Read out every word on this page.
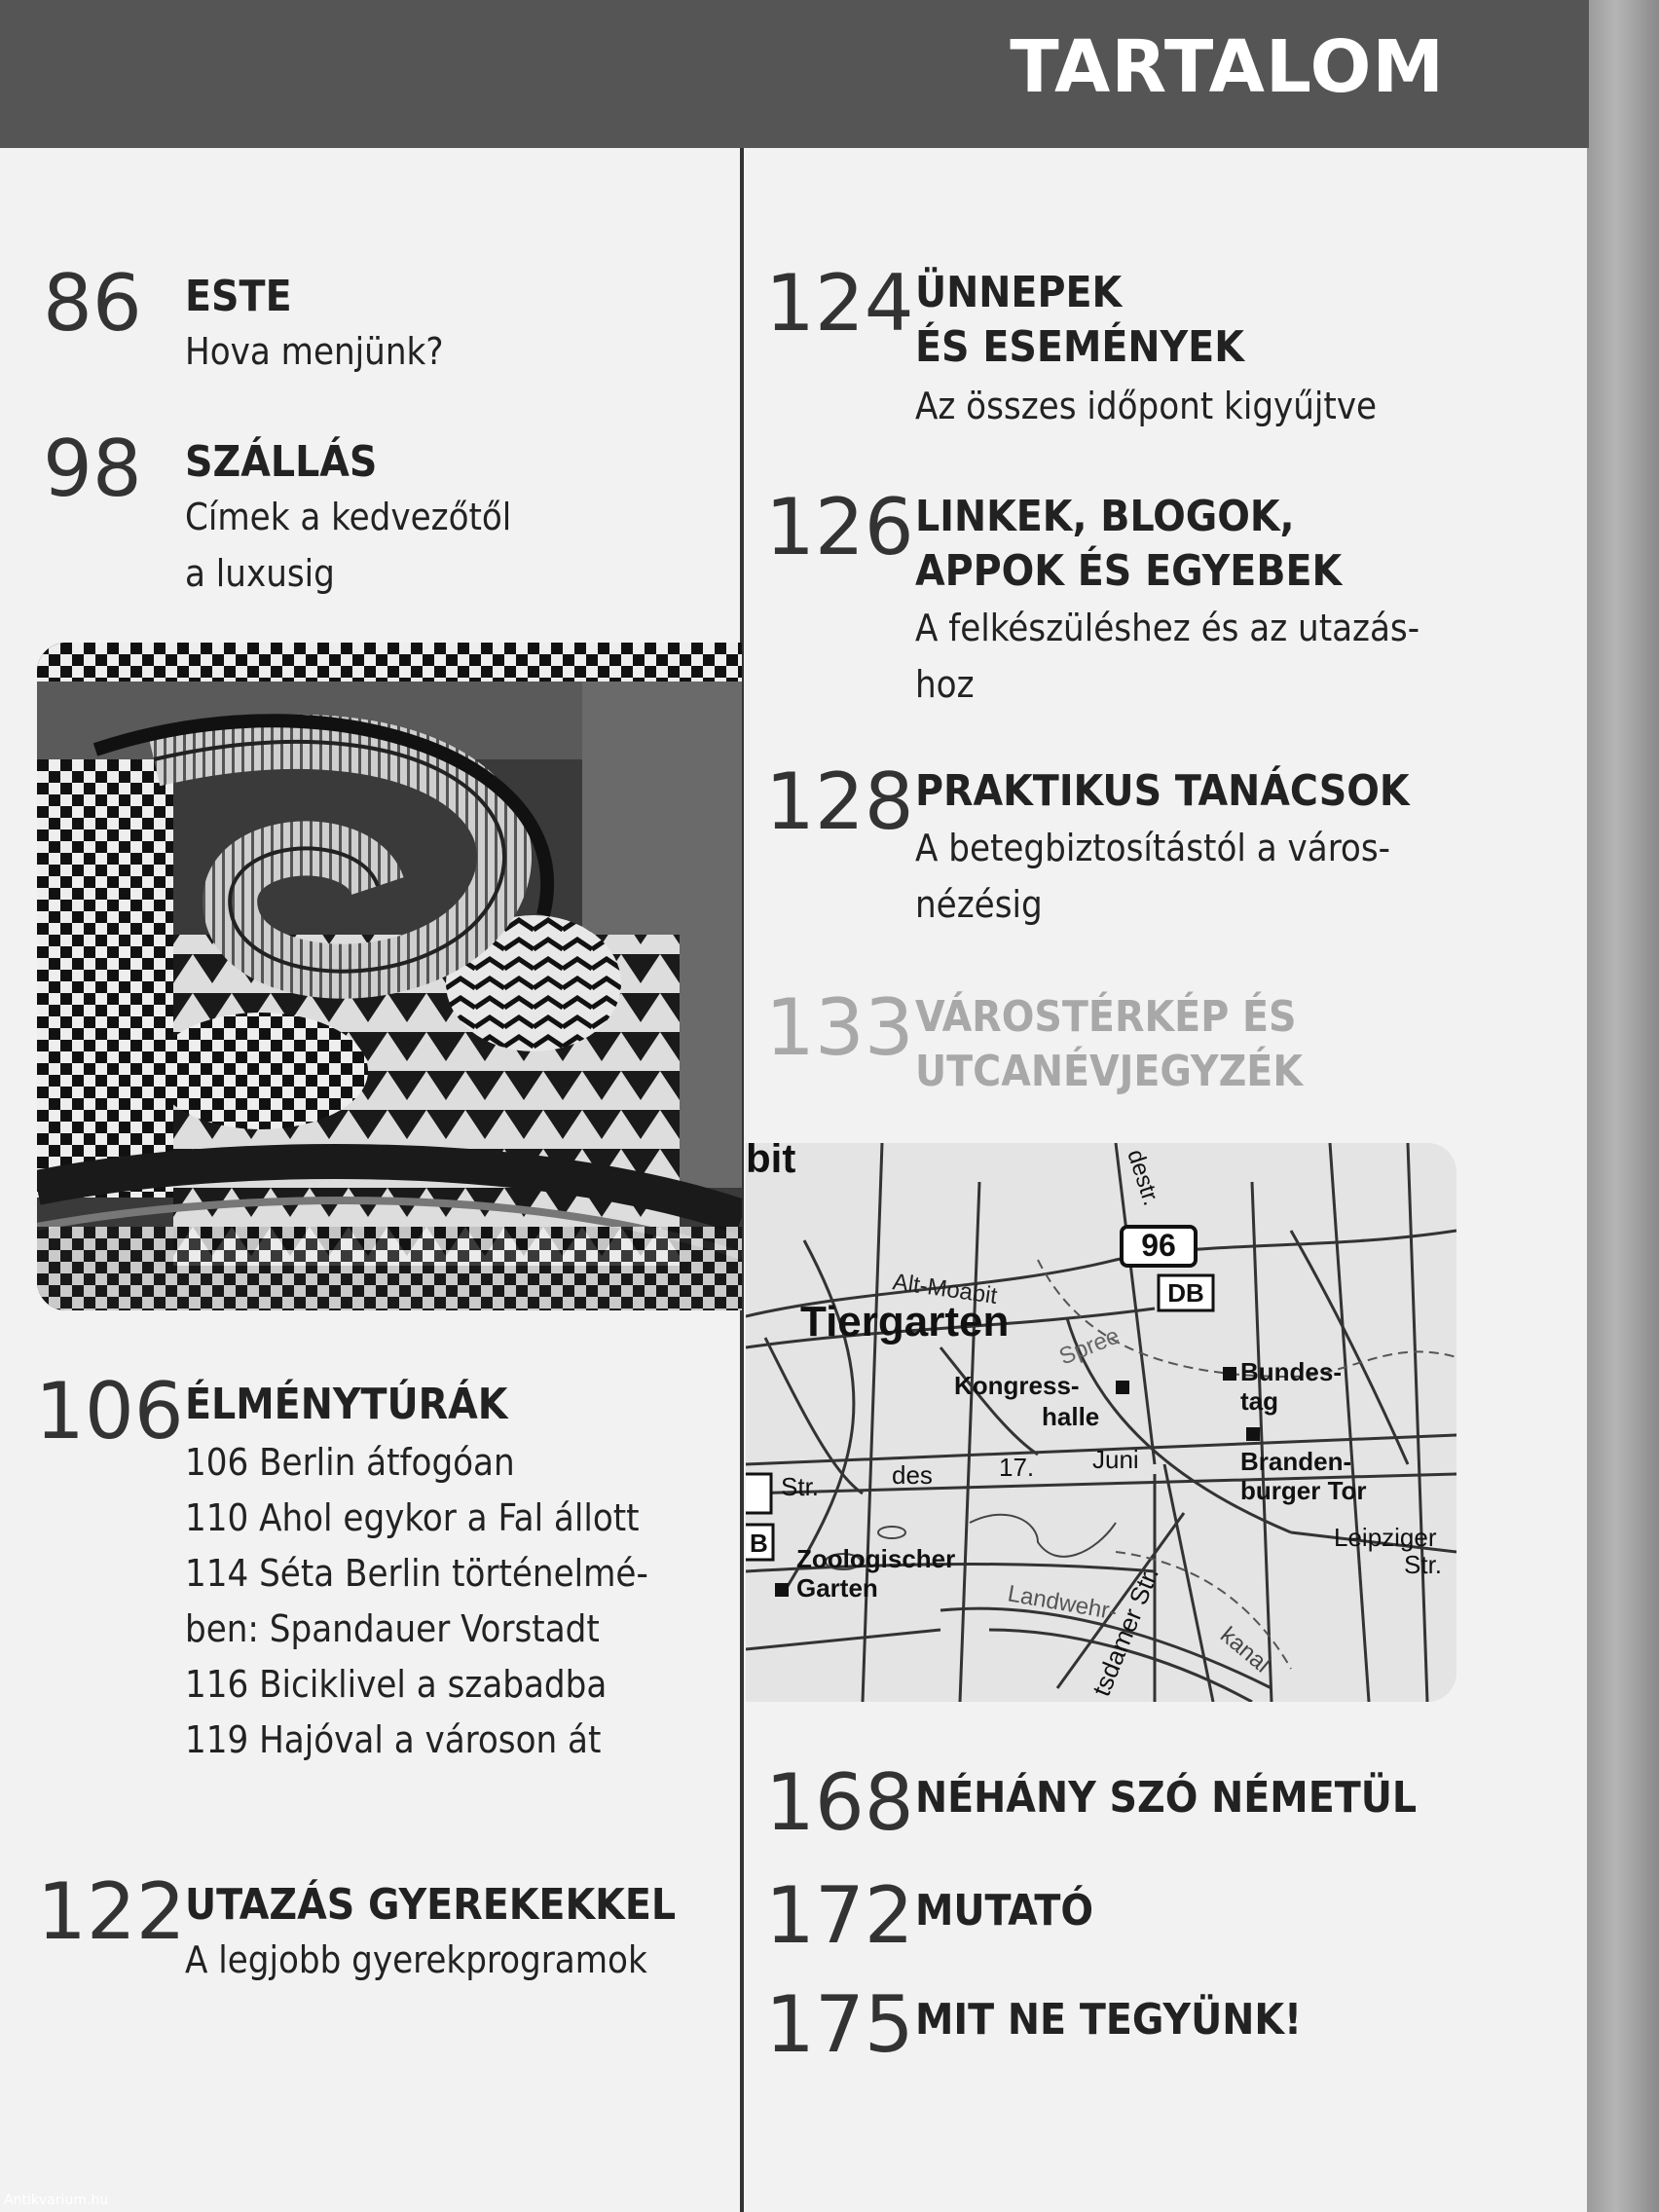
TARTALOM
86 ESTE
Hova menjünk?
98 SZÁLLÁS
Címek a kedvezőtől
a luxusig
106 ÉLMÉNYTÚRÁK
106 Berlin átfogóan
110 Ahol egykor a Fal állott
114 Séta Berlin történelmé-
ben: Spandauer Vorstadt
116 Biciklivel a szabadba
119 Hajóval a városon át
122 UTAZÁS GYEREKEKKEL
A legjobb gyerekprogramok
124 ÜNNEPEK
ÉS ESEMÉNYEK
Az összes időpont kigyűjtve
126 LINKEK, BLOGOK,
APPOK ÉS EGYEBEK
A felkészüléshez és az utazás-
hoz
128 PRAKTIKUS TANÁCSOK
A betegbiztosítástól a város-
nézésig
133 VÁROSTÉRKÉP ÉS
UTCANÉVJEGYZÉK
96
DB
B
bit
Alt-Moabit
Tiergarten
Spree
Kongress-
halle
Bundes-
tag
Branden-
burger Tor
Str.	des	17. Juni
Leipziger
Str.
Zoologischer
Garten	Landwehr-
kanal
tsdamer Str.
destr.
168 NÉHÁNY SZÓ NÉMETÜL
172 MUTATÓ
175 MIT NE TEGYÜNK!
Antikvarium.hu
